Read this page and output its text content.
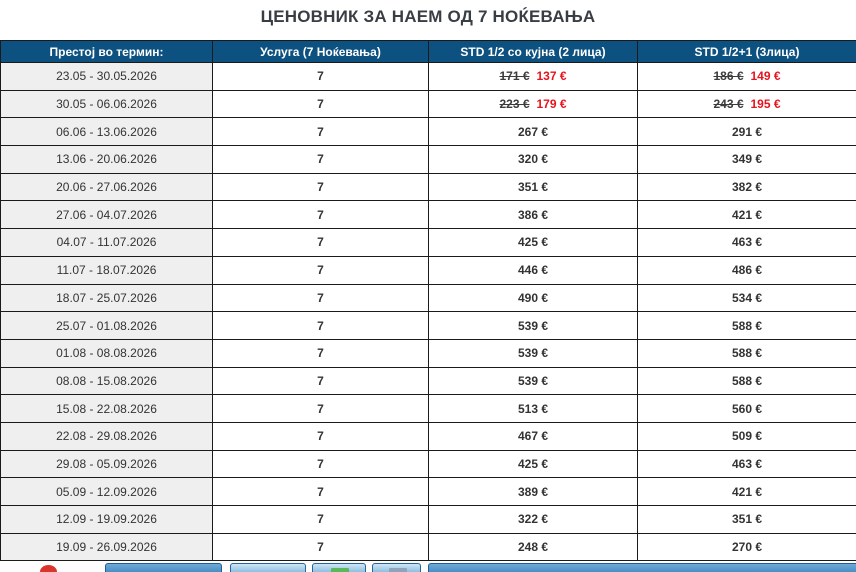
ЦЕНОВНИК ЗА НАЕМ ОД 7 НОЌЕВАЊА
Престој во термин:	Услуга (7 Ноќевања)	STD 1/2 со кујна (2 лица)	STD 1/2+1 (3лица)
23.05 - 30.05.2026	7	171 € 137 €	186 € 149 €
30.05 - 06.06.2026	7	223 € 179 €	243 € 195 €
06.06 - 13.06.2026	7	267 €	291 €
13.06 - 20.06.2026	7	320 €	349 €
20.06 - 27.06.2026	7	351 €	382 €
27.06 - 04.07.2026	7	386 €	421 €
04.07 - 11.07.2026	7	425 €	463 €
11.07 - 18.07.2026	7	446 €	486 €
18.07 - 25.07.2026	7	490 €	534 €
25.07 - 01.08.2026	7	539 €	588 €
01.08 - 08.08.2026	7	539 €	588 €
08.08 - 15.08.2026	7	539 €	588 €
15.08 - 22.08.2026	7	513 €	560 €
22.08 - 29.08.2026	7	467 €	509 €
29.08 - 05.09.2026	7	425 €	463 €
05.09 - 12.09.2026	7	389 €	421 €
12.09 - 19.09.2026	7	322 €	351 €
19.09 - 26.09.2026	7	248 €	270 €
